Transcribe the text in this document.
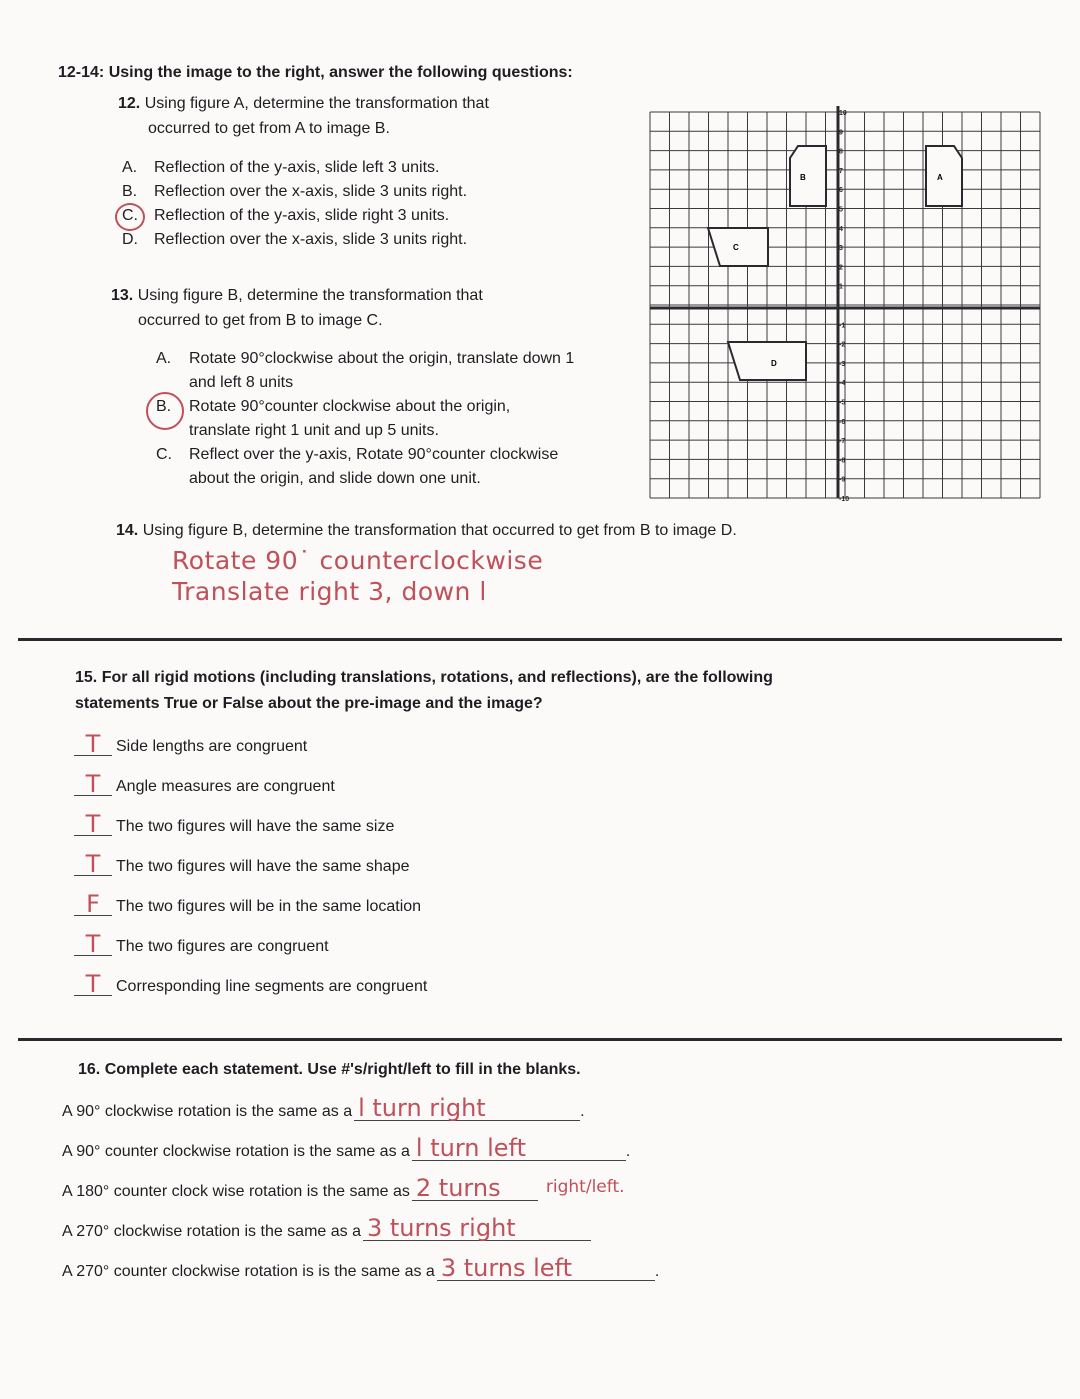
12-14: Using the image to the right, answer the following questions:
12. Using figure A, determine the transformation that
occurred to get from A to image B.
A. Reflection of the y-axis, slide left 3 units.
B. Reflection over the x-axis, slide 3 units right.
C. Reflection of the y-axis, slide right 3 units.
D. Reflection over the x-axis, slide 3 units right.
13. Using figure B, determine the transformation that
occurred to get from B to image C.
A. Rotate 90°clockwise about the origin, translate down 1
and left 8 units
B. Rotate 90°counter clockwise about the origin,
translate right 1 unit and up 5 units.
C. Reflect over the y-axis, Rotate 90°counter clockwise
about the origin, and slide down one unit.
10
9
8
7
6
5
4
3
2
1
-1
-2
-3
-4
-5
-6
-7
-8
-9
-10
B	A
C
D
14. Using figure B, determine the transformation that occurred to get from B to image D.
Rotate 90˙ counterclockwise
Translate right 3, down l
15. For all rigid motions (including translations, rotations, and reflections), are the following
statements True or False about the pre-image and the image?
T Side lengths are congruent
T Angle measures are congruent
T The two figures will have the same size
T The two figures will have the same shape
F The two figures will be in the same location
T The two figures are congruent
T Corresponding line segments are congruent
16. Complete each statement. Use #'s/right/left to fill in the blanks.
A 90° clockwise rotation is the same as a l turn right	.
A 90° counter clockwise rotation is the same as a l turn left	.
A 180° counter clock wise rotation is the same as 2 turns	right/left.
A 270° clockwise rotation is the same as a 3 turns right
A 270° counter clockwise rotation is is the same as a 3 turns left	.
